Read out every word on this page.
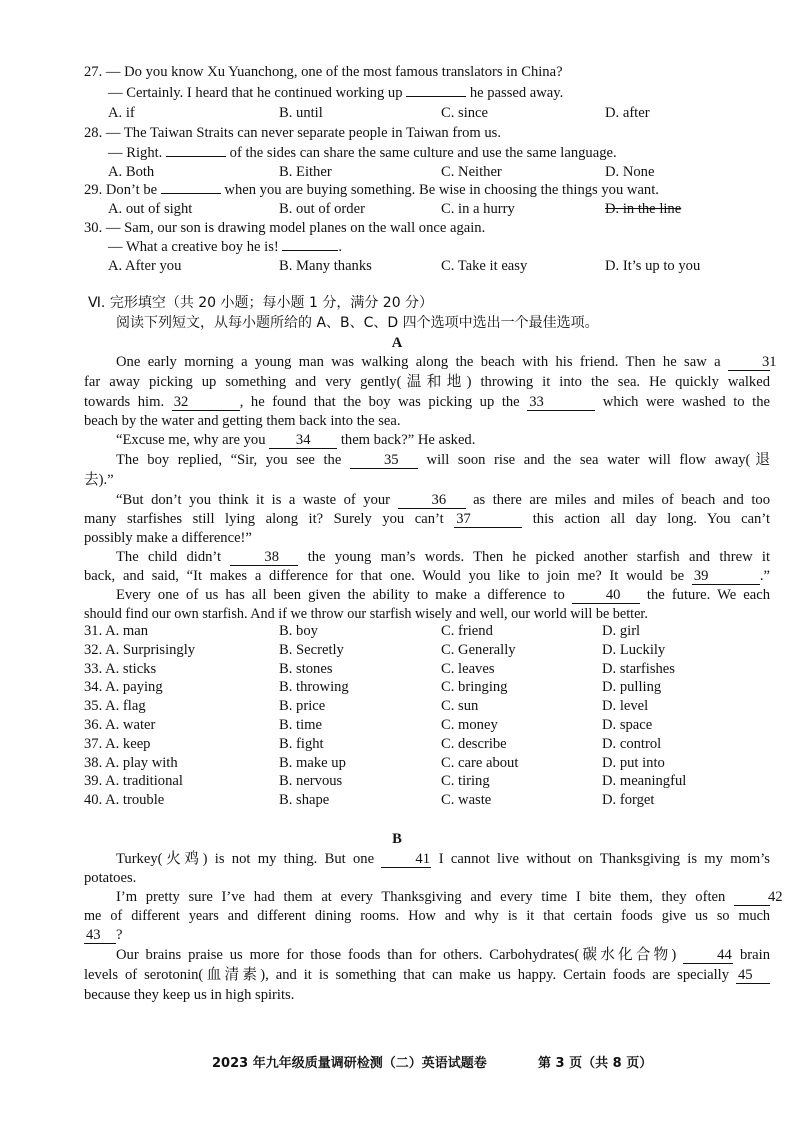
27. — Do you know Xu Yuanchong, one of the most famous translators in China?
— Certainly. I heard that he continued working up	he passed away.
A. if	B. until	C. since	D. after
28. — The Taiwan Straits can never separate people in Taiwan from us.
— Right.	of the sides can share the same culture and use the same language.
A. Both	B. Either	C. Neither	D. None
29. Don’t be	when you are buying something. Be wise in choosing the things you want.
A. out of sight	B. out of order	C. in a hurry	D. in the line
30. — Sam, our son is drawing model planes on the wall once again.
— What a creative boy he is!	.
A. After you	B. Many thanks	C. Take it easy	D. It’s up to you
Ⅵ. 完形填空（共 20 小题；每小题 1 分，满分 20 分）
阅读下列短文，从每小题所给的 A、B、C、D 四个选项中选出一个最佳选项。
A
One early morning a young man was walking along the beach with his friend. Then he saw a	31
far away picking up something and very gently(温和地) throwing it into the sea. He quickly walked
towards him. 32	, he found that the boy was picking up the 33	which were washed to the
beach by the water and getting them back into the sea.
“Excuse me, why are you 34 them back?” He asked.
The boy replied, “Sir, you see the	35 will soon rise and the sea water will flow away(退
去).”
“But don’t you think it is a waste of your	36 as there are miles and miles of beach and too
many starfishes still lying along it? Surely you can’t 37	this action all day long. You can’t
possibly make a difference!”
The child didn’t	38 the young man’s words. Then he picked another starfish and threw it
back, and said, “It makes a difference for that one. Would you like to join me? It would be 39	.”
Every one of us has all been given the ability to make a difference to	40 the future. We each
should find our own starfish. And if we throw our starfish wisely and well, our world will be better.
31. A. man	B. boy	C. friend	D. girl
32. A. Surprisingly	B. Secretly	C. Generally	D. Luckily
33. A. sticks	B. stones	C. leaves	D. starfishes
34. A. paying	B. throwing	C. bringing	D. pulling
35. A. flag	B. price	C. sun	D. level
36. A. water	B. time	C. money	D. space
37. A. keep	B. fight	C. describe	D. control
38. A. play with	B. make up	C. care about	D. put into
39. A. traditional	B. nervous	C. tiring	D. meaningful
40. A. trouble	B. shape	C. waste	D. forget
B
Turkey(火鸡) is not my thing. But one	41 I cannot live without on Thanksgiving is my mom’s
potatoes.
I’m pretty sure I’ve had them at every Thanksgiving and every time I bite them, they often	42
me of different years and different dining rooms. How and why is it that certain foods give us so much
43 ?
Our brains praise us more for those foods than for others. Carbohydrates(碳水化合物)	44 brain
levels of serotonin(血清素), and it is something that can make us happy. Certain foods are specially 45
because they keep us in high spirits.
2023 年九年级质量调研检测（二）英语试题卷	第 3 页（共 8 页）
